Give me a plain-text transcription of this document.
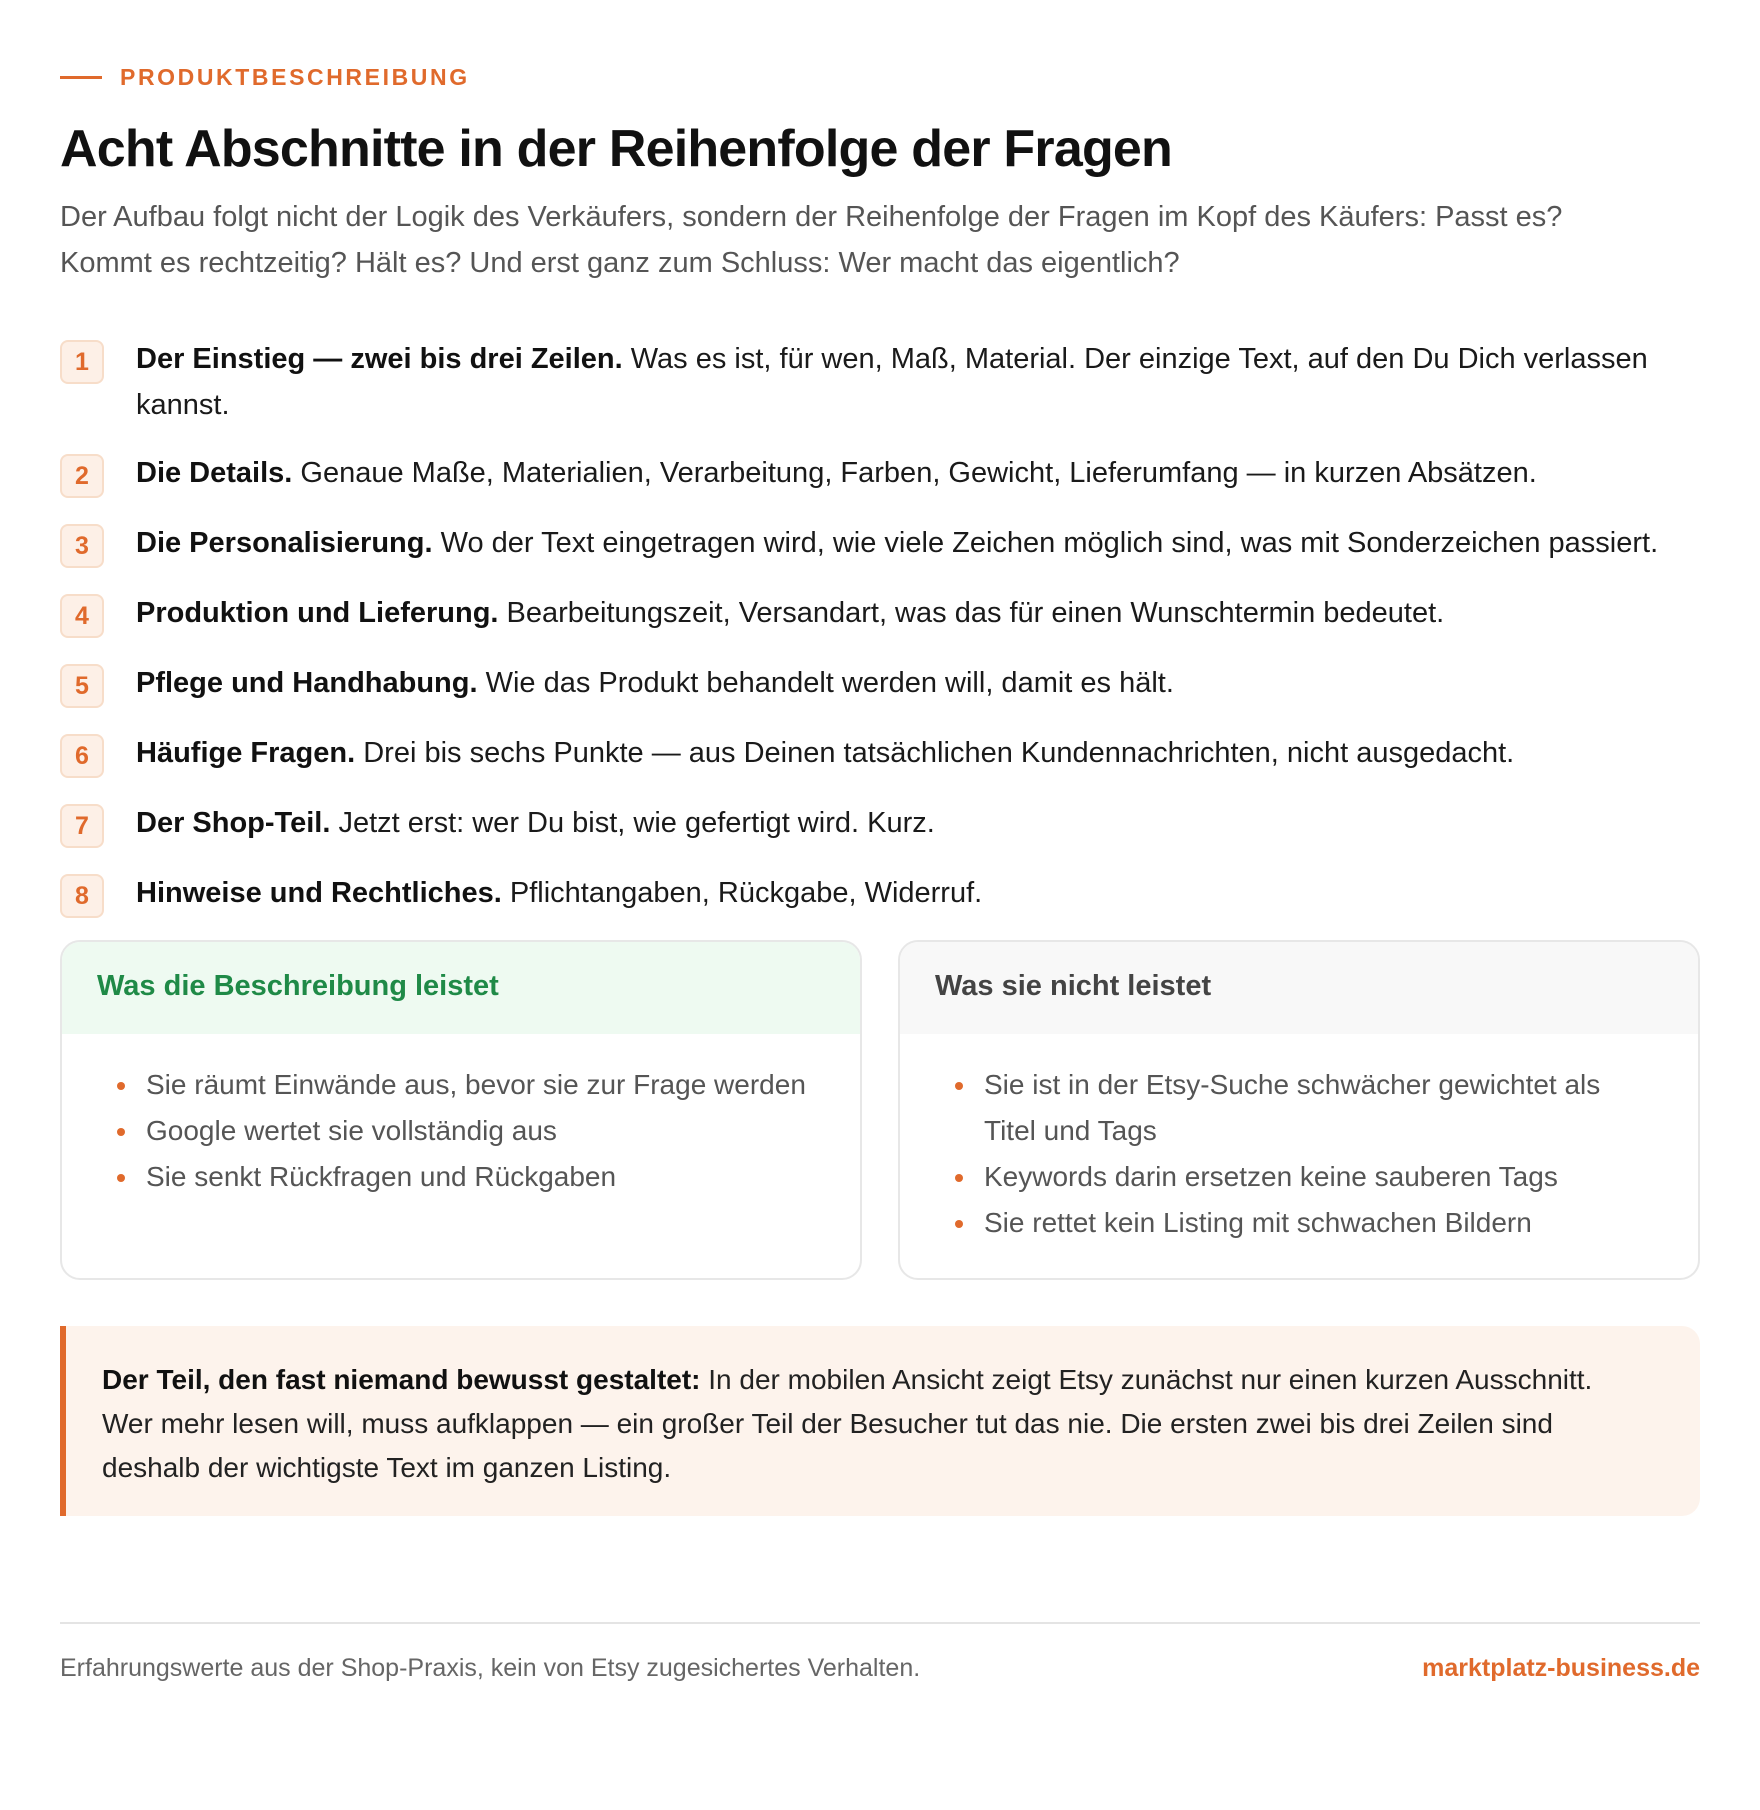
PRODUKTBESCHREIBUNG
Acht Abschnitte in der Reihenfolge der Fragen

Der Aufbau folgt nicht der Logik des Verkäufers, sondern der Reihenfolge der Fragen im Kopf des Käufers: Passt es? Kommt es rechtzeitig? Hält es? Und erst ganz zum Schluss: Wer macht das eigentlich?

1	Der Einstieg — zwei bis drei Zeilen. Was es ist, für wen, Maß, Material. Der einzige Text, auf den Du Dich verlassen kannst.

2	Die Details. Genaue Maße, Materialien, Verarbeitung, Farben, Gewicht, Lieferumfang — in kurzen Absätzen.

3	Die Personalisierung. Wo der Text eingetragen wird, wie viele Zeichen möglich sind, was mit Sonderzeichen passiert.

4	Produktion und Lieferung. Bearbeitungszeit, Versandart, was das für einen Wunschtermin bedeutet.

5	Pflege und Handhabung. Wie das Produkt behandelt werden will, damit es hält.

6	Häufige Fragen. Drei bis sechs Punkte — aus Deinen tatsächlichen Kundennachrichten, nicht ausgedacht.

7	Der Shop-Teil. Jetzt erst: wer Du bist, wie gefertigt wird. Kurz.

8	Hinweise und Rechtliches. Pflichtangaben, Rückgabe, Widerruf.

Was die Beschreibung leistet
Sie räumt Einwände aus, bevor sie zur Frage werden
Google wertet sie vollständig aus
Sie senkt Rückfragen und Rückgaben
Was sie nicht leistet
Sie ist in der Etsy-Suche schwächer gewichtet als Titel und Tags
Keywords darin ersetzen keine sauberen Tags
Sie rettet kein Listing mit schwachen Bildern
Der Teil, den fast niemand bewusst gestaltet: In der mobilen Ansicht zeigt Etsy zunächst nur einen kurzen Ausschnitt. Wer mehr lesen will, muss aufklappen — ein großer Teil der Besucher tut das nie. Die ersten zwei bis drei Zeilen sind deshalb der wichtigste Text im ganzen Listing.
Erfahrungswerte aus der Shop-Praxis, kein von Etsy zugesichertes Verhalten.	marktplatz-business.de
